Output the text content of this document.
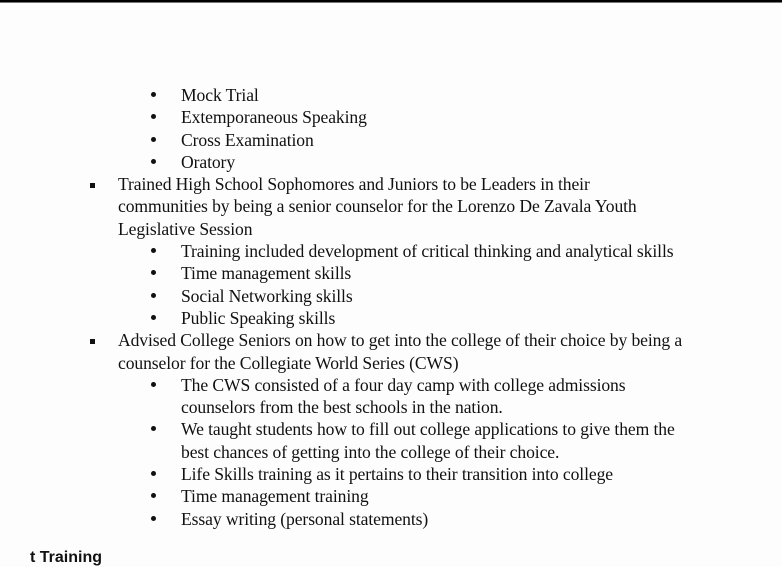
Mock Trial
Extemporaneous Speaking
Cross Examination
Oratory
Trained High School Sophomores and Juniors to be Leaders in their
communities by being a senior counselor for the Lorenzo De Zavala Youth
Legislative Session
Training included development of critical thinking and analytical skills
Time management skills
Social Networking skills
Public Speaking skills
Advised College Seniors on how to get into the college of their choice by being a
counselor for the Collegiate World Series (CWS)
The CWS consisted of a four day camp with college admissions
counselors from the best schools in the nation.
We taught students how to fill out college applications to give them the
best chances of getting into the college of their choice.
Life Skills training as it pertains to their transition into college
Time management training
Essay writing (personal statements)
t Training
